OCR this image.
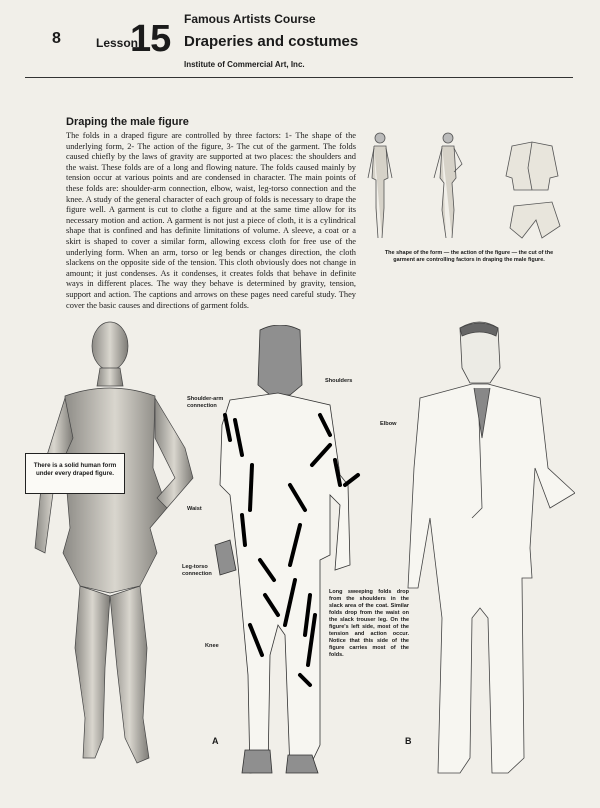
8	Lesson
15 Famous Artists Course
Draperies and costumes
Institute of Commercial Art, Inc.
Draping the male figure

The folds in a draped figure are controlled by three factors: 1- The shape of the underlying form, 2- The action of the figure, 3- The cut of the garment. The folds caused chiefly by the laws of gravity are supported at two places: the shoulders and the waist. These folds are of a long and flowing nature. The folds caused mainly by tension occur at various points and are condensed in character. The main points of these folds are: shoulder-arm connection, elbow, waist, leg-torso connection and the knee. A study of the general character of each group of folds is necessary to drape the figure well. A garment is cut to clothe a figure and at the same time allow for its necessary motion and action. A garment is not just a piece of cloth, it is a cylindrical shape that is confined and has definite limitations of volume. A sleeve, a coat or a skirt is shaped to cover a similar form, allowing excess cloth for free use of the underlying form. When an arm, torso or leg bends or changes direction, the cloth slackens on the opposite side of the tension. This cloth obviously does not change in amount; it just condenses. As it condenses, it creates folds that behave in definite ways in different places. The way they behave is determined by gravity, tension, support and action. The captions and arrows on these pages need careful study. They cover the basic causes and directions of garment folds.

The shape of the form — the action of the figure — the cut of the garment are controlling factors in draping the male figure.

There is a solid human form under every draped figure.
Shoulders
Shoulder-arm connection
Elbow
Waist
Leg-torso connection
Knee

Long sweeping folds drop from the shoulders in the slack area of the coat. Similar folds drop from the waist on the slack trouser leg. On the figure's left side, most of the tension and action occur. Notice that this side of the figure carries most of the folds.

A	B
